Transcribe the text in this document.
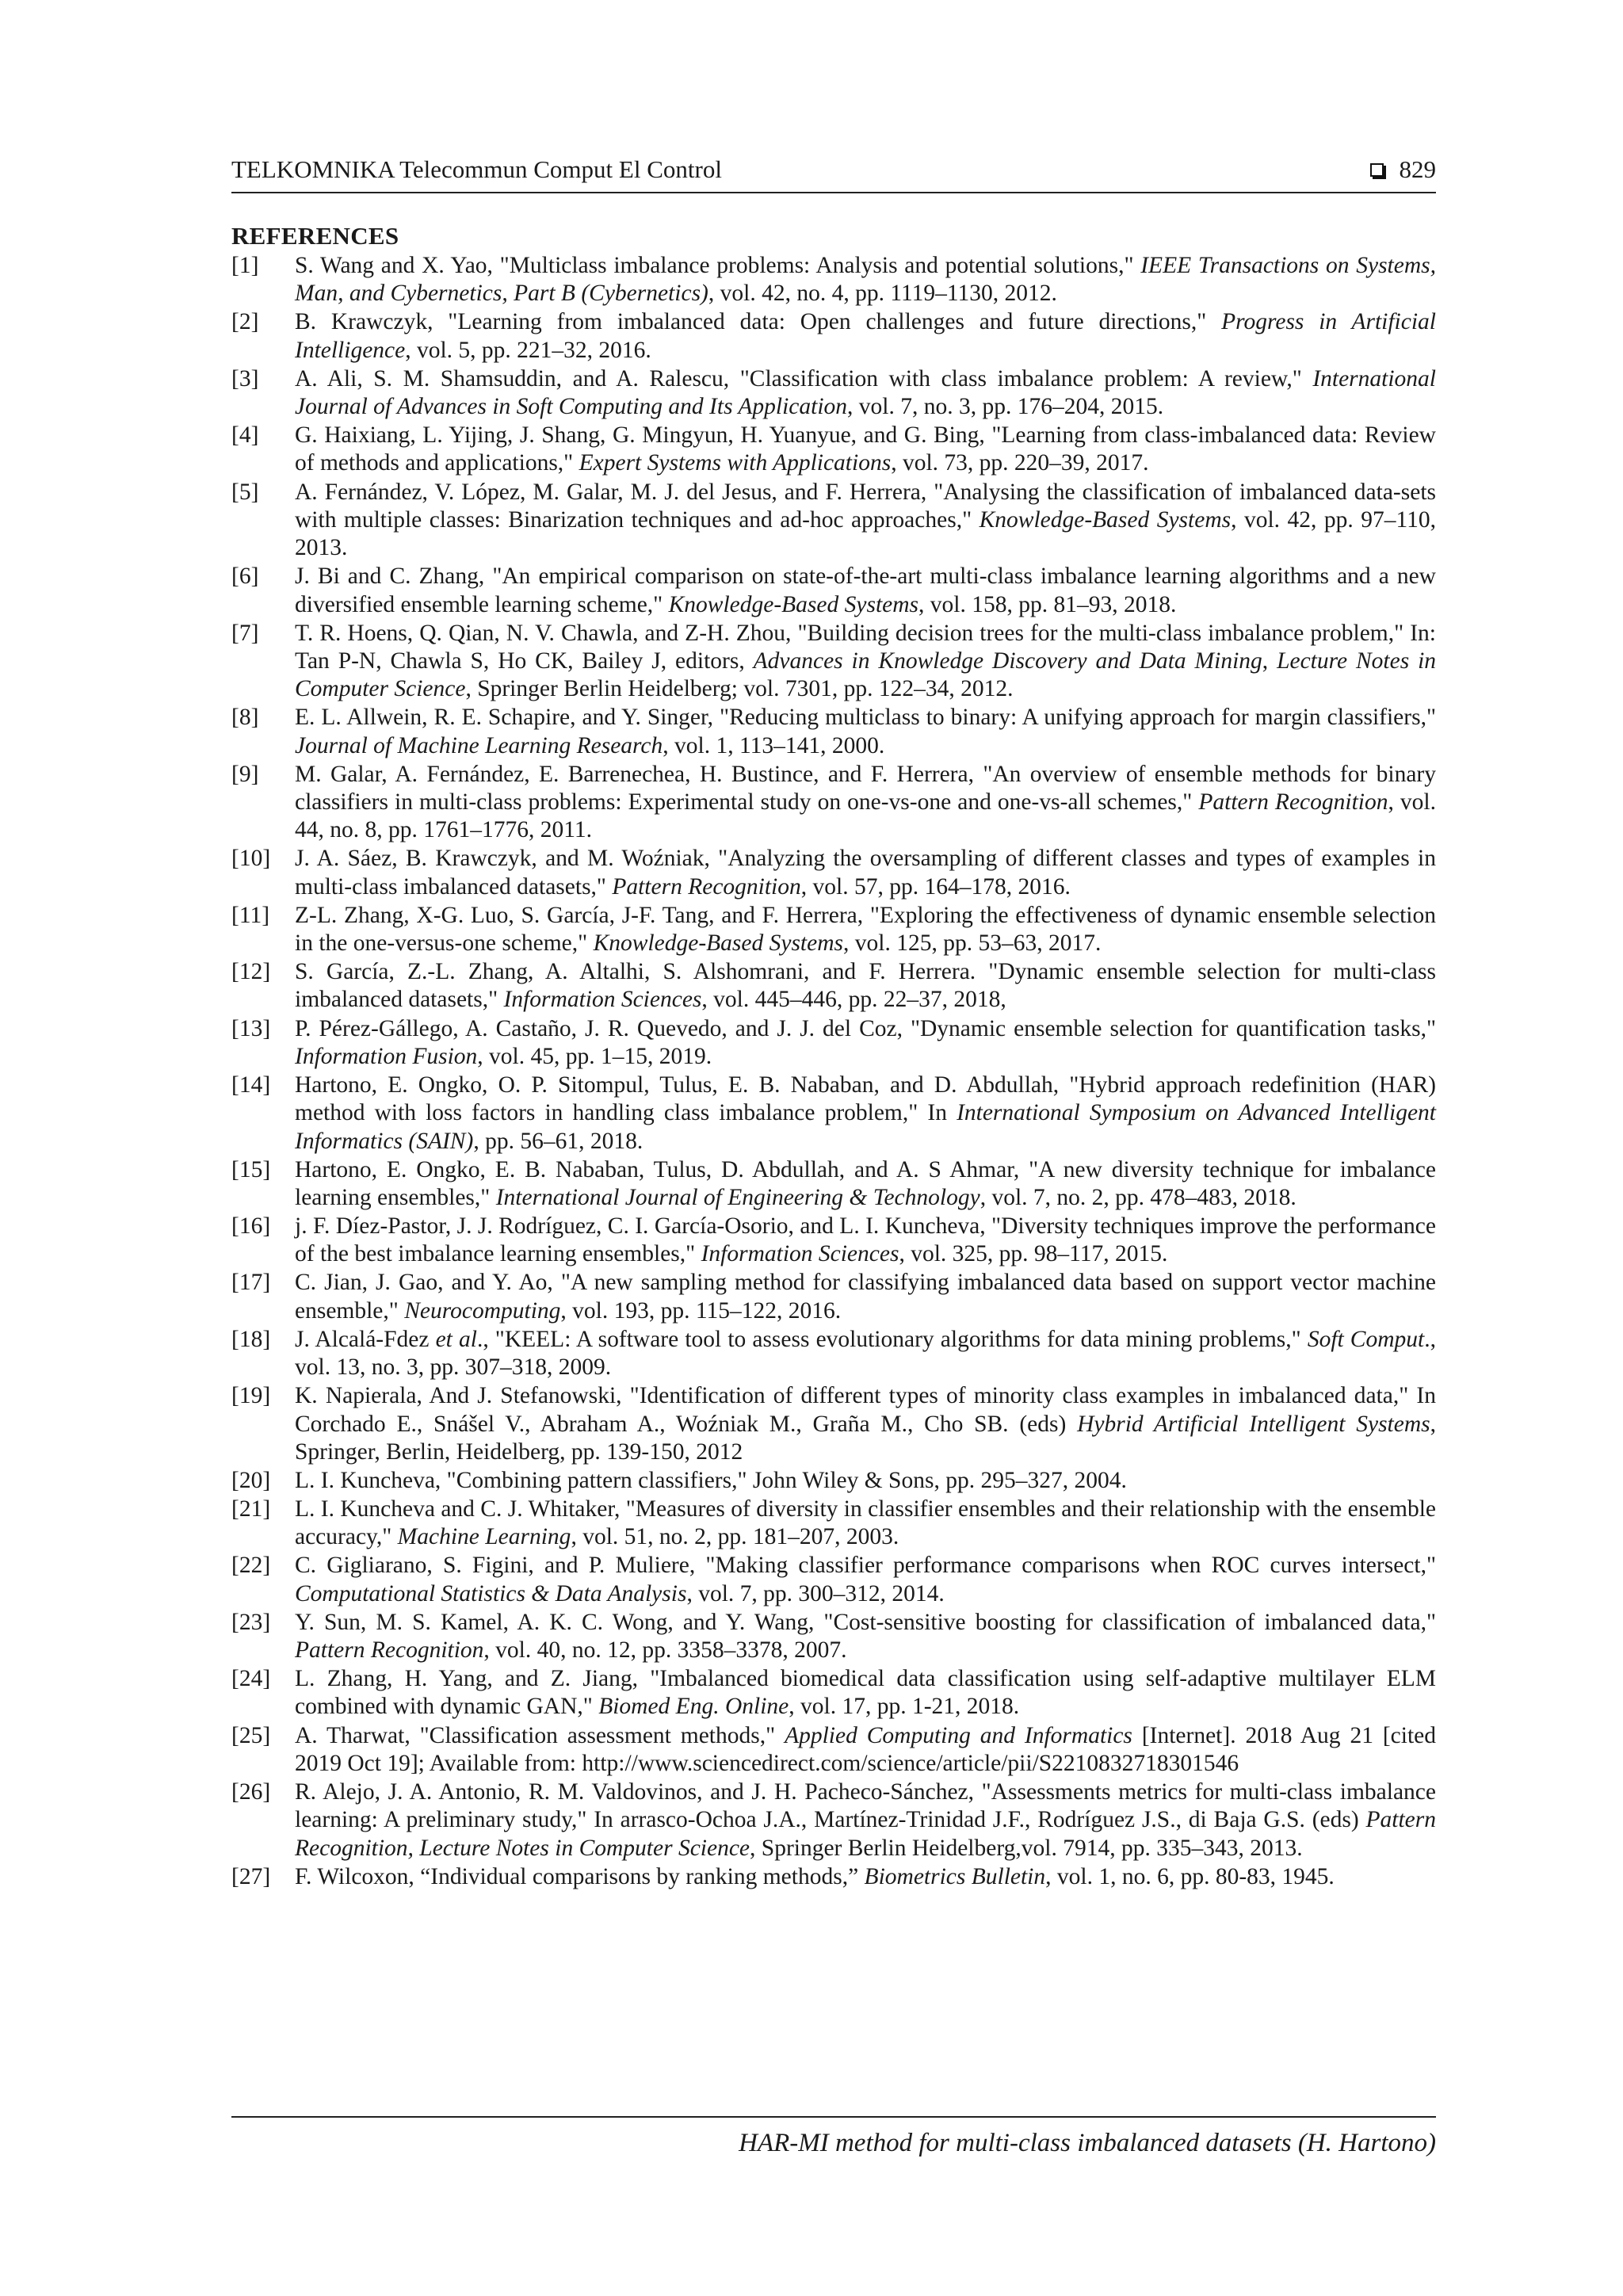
TELKOMNIKA Telecommun Comput El Control	829
REFERENCES
[1]	S. Wang and X. Yao, "Multiclass imbalance problems: Analysis and potential solutions," IEEE Transactions on Systems, Man, and Cybernetics, Part B (Cybernetics), vol. 42, no. 4, pp. 1119–1130, 2012.
[2]	B. Krawczyk, "Learning from imbalanced data: Open challenges and future directions," Progress in Artificial Intelligence, vol. 5, pp. 221–32, 2016.
[3]	A. Ali, S. M. Shamsuddin, and A. Ralescu, "Classification with class imbalance problem: A review," International Journal of Advances in Soft Computing and Its Application, vol. 7, no. 3, pp. 176–204, 2015.
[4]	G. Haixiang, L. Yijing, J. Shang, G. Mingyun, H. Yuanyue, and G. Bing, "Learning from class-imbalanced data: Review of methods and applications," Expert Systems with Applications, vol. 73, pp. 220–39, 2017.
[5]	A. Fernández, V. López, M. Galar, M. J. del Jesus, and F. Herrera, "Analysing the classification of imbalanced data-sets with multiple classes: Binarization techniques and ad-hoc approaches," Knowledge-Based Systems, vol. 42, pp. 97–110, 2013.
[6]	J. Bi and C. Zhang, "An empirical comparison on state-of-the-art multi-class imbalance learning algorithms and a new diversified ensemble learning scheme," Knowledge-Based Systems, vol. 158, pp. 81–93, 2018.
[7]	T. R. Hoens, Q. Qian, N. V. Chawla, and Z-H. Zhou, "Building decision trees for the multi-class imbalance problem," In: Tan P-N, Chawla S, Ho CK, Bailey J, editors, Advances in Knowledge Discovery and Data Mining, Lecture Notes in Computer Science, Springer Berlin Heidelberg; vol. 7301, pp. 122–34, 2012.
[8]	E. L. Allwein, R. E. Schapire, and Y. Singer, "Reducing multiclass to binary: A unifying approach for margin classifiers," Journal of Machine Learning Research, vol. 1, 113–141, 2000.
[9]	M. Galar, A. Fernández, E. Barrenechea, H. Bustince, and F. Herrera, "An overview of ensemble methods for binary classifiers in multi-class problems: Experimental study on one-vs-one and one-vs-all schemes," Pattern Recognition, vol. 44, no. 8, pp. 1761–1776, 2011.
[10]	J. A. Sáez, B. Krawczyk, and M. Woźniak, "Analyzing the oversampling of different classes and types of examples in multi-class imbalanced datasets," Pattern Recognition, vol. 57, pp. 164–178, 2016.
[11]	Z-L. Zhang, X-G. Luo, S. García, J-F. Tang, and F. Herrera, "Exploring the effectiveness of dynamic ensemble selection in the one-versus-one scheme," Knowledge-Based Systems, vol. 125, pp. 53–63, 2017.
[12]	S. García, Z.-L. Zhang, A. Altalhi, S. Alshomrani, and F. Herrera. "Dynamic ensemble selection for multi-class imbalanced datasets," Information Sciences, vol. 445–446, pp. 22–37, 2018,
[13]	P. Pérez-Gállego, A. Castaño, J. R. Quevedo, and J. J. del Coz, "Dynamic ensemble selection for quantification tasks," Information Fusion, vol. 45, pp. 1–15, 2019.
[14]	Hartono, E. Ongko, O. P. Sitompul, Tulus, E. B. Nababan, and D. Abdullah, "Hybrid approach redefinition (HAR) method with loss factors in handling class imbalance problem," In International Symposium on Advanced Intelligent Informatics (SAIN), pp. 56–61, 2018.
[15]	Hartono, E. Ongko, E. B. Nababan, Tulus, D. Abdullah, and A. S Ahmar, "A new diversity technique for imbalance learning ensembles," International Journal of Engineering & Technology, vol. 7, no. 2, pp. 478–483, 2018.
[16]	j. F. Díez-Pastor, J. J. Rodríguez, C. I. García-Osorio, and L. I. Kuncheva, "Diversity techniques improve the performance of the best imbalance learning ensembles," Information Sciences, vol. 325, pp. 98–117, 2015.
[17]	C. Jian, J. Gao, and Y. Ao, "A new sampling method for classifying imbalanced data based on support vector machine ensemble," Neurocomputing, vol. 193, pp. 115–122, 2016.
[18]	J. Alcalá-Fdez et al., "KEEL: A software tool to assess evolutionary algorithms for data mining problems," Soft Comput., vol. 13, no. 3, pp. 307–318, 2009.
[19]	K. Napierala, And J. Stefanowski, "Identification of different types of minority class examples in imbalanced data," In Corchado E., Snášel V., Abraham A., Woźniak M., Graña M., Cho SB. (eds) Hybrid Artificial Intelligent Systems, Springer, Berlin, Heidelberg, pp. 139-150, 2012
[20]	L. I. Kuncheva, "Combining pattern classifiers," John Wiley & Sons, pp. 295–327, 2004.
[21]	L. I. Kuncheva and C. J. Whitaker, "Measures of diversity in classifier ensembles and their relationship with the ensemble accuracy," Machine Learning, vol. 51, no. 2, pp. 181–207, 2003.
[22]	C. Gigliarano, S. Figini, and P. Muliere, "Making classifier performance comparisons when ROC curves intersect," Computational Statistics & Data Analysis, vol. 7, pp. 300–312, 2014.
[23]	Y. Sun, M. S. Kamel, A. K. C. Wong, and Y. Wang, "Cost-sensitive boosting for classification of imbalanced data," Pattern Recognition, vol. 40, no. 12, pp. 3358–3378, 2007.
[24]	L. Zhang, H. Yang, and Z. Jiang, "Imbalanced biomedical data classification using self-adaptive multilayer ELM combined with dynamic GAN," Biomed Eng. Online, vol. 17, pp. 1-21, 2018.
[25]	A. Tharwat, "Classification assessment methods," Applied Computing and Informatics [Internet]. 2018 Aug 21 [cited 2019 Oct 19]; Available from: http://www.sciencedirect.com/science/article/pii/S2210832718301546
[26]	R. Alejo, J. A. Antonio, R. M. Valdovinos, and J. H. Pacheco-Sánchez, "Assessments metrics for multi-class imbalance learning: A preliminary study," In arrasco-Ochoa J.A., Martínez-Trinidad J.F., Rodríguez J.S., di Baja G.S. (eds) Pattern Recognition, Lecture Notes in Computer Science, Springer Berlin Heidelberg,vol. 7914, pp. 335–343, 2013.
[27]	F. Wilcoxon, “Individual comparisons by ranking methods,” Biometrics Bulletin, vol. 1, no. 6, pp. 80-83, 1945.
HAR-MI method for multi-class imbalanced datasets (H. Hartono)
